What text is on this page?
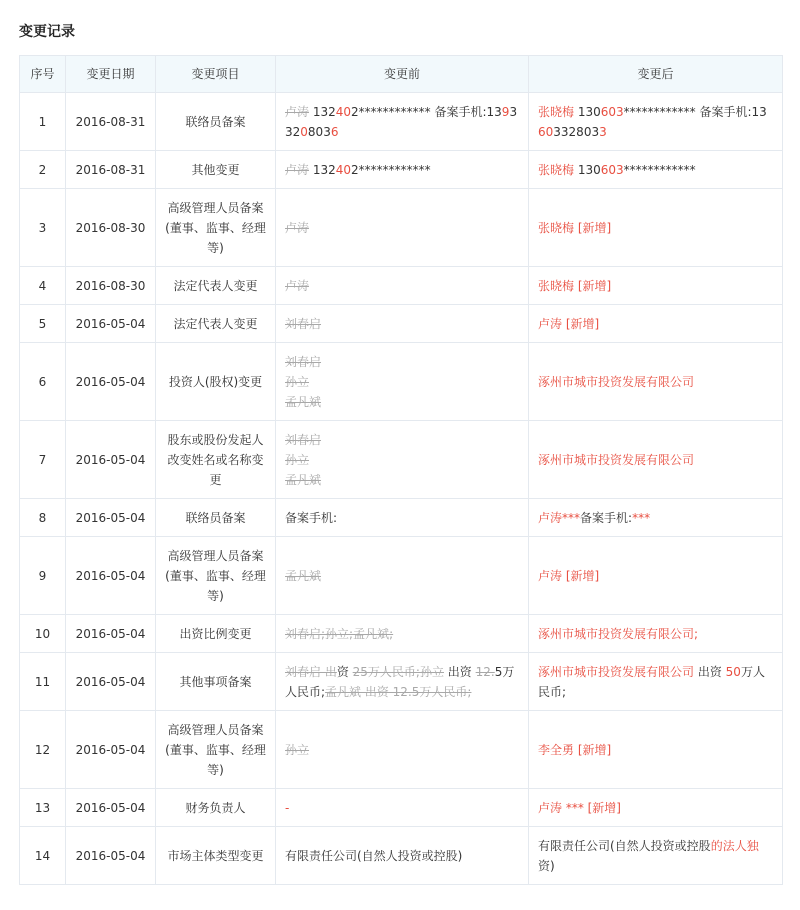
变更记录
序号	变更日期	变更项目	变更前	变更后
1	2016-08-31	联络员备案	卢涛 132402************ 备案手机:13933208036	张晓梅 130603************ 备案手机:13603328033
2	2016-08-31	其他变更	卢涛 132402************	张晓梅 130603************
3	2016-08-30	高级管理人员备案(董事、监事、经理等)	卢涛	张晓梅 [新增]
4	2016-08-30	法定代表人变更	卢涛	张晓梅 [新增]
5	2016-05-04	法定代表人变更	刘春启	卢涛 [新增]
6	2016-05-04	投资人(股权)变更	刘春启
孙立
孟凡斌	涿州市城市投资发展有限公司
7	2016-05-04	股东或股份发起人改变姓名或名称变更	刘春启
孙立
孟凡斌	涿州市城市投资发展有限公司
8	2016-05-04	联络员备案	备案手机:	卢涛***备案手机:***
9	2016-05-04	高级管理人员备案(董事、监事、经理等)	孟凡斌	卢涛 [新增]
10	2016-05-04	出资比例变更	刘春启;孙立;孟凡斌;	涿州市城市投资发展有限公司;
11	2016-05-04	其他事项备案	刘春启 出资 25万人民币;孙立 出资 12.5万人民币;孟凡斌 出资 12.5万人民币;	涿州市城市投资发展有限公司 出资 50万人民币;
12	2016-05-04	高级管理人员备案(董事、监事、经理等)	孙立	李全勇 [新增]
13	2016-05-04	财务负责人	-	卢涛 *** [新增]
14	2016-05-04	市场主体类型变更	有限责任公司(自然人投资或控股)	有限责任公司(自然人投资或控股的法人独资)
